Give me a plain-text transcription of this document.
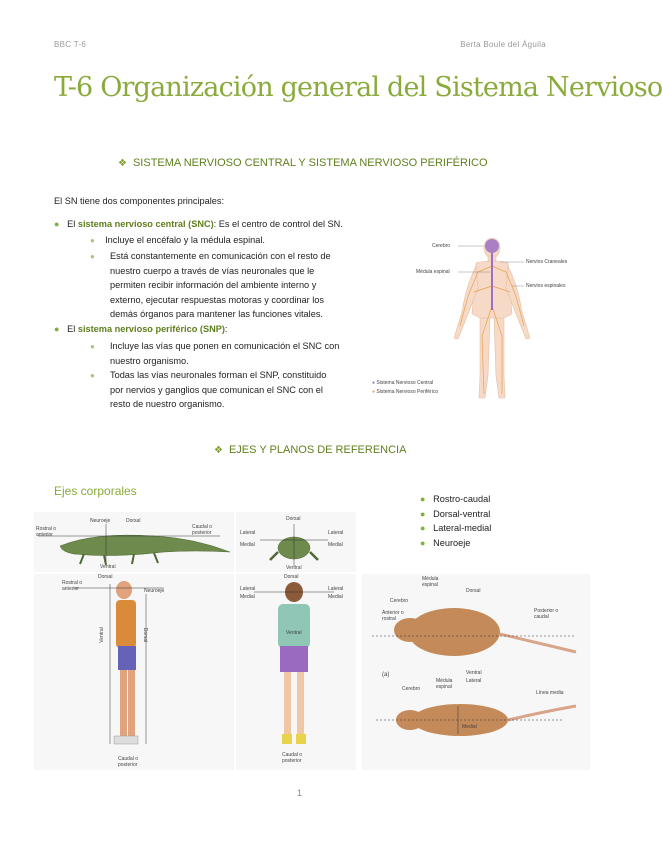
BBC T-6	Berta Boule del Águila
T-6 Organización general del Sistema Nervioso
❖ SISTEMA NERVIOSO CENTRAL Y SISTEMA NERVIOSO PERIFÉRICO
El SN tiene dos componentes principales:
● El sistema nervioso central (SNC): Es el centro de control del SN.
● Incluye el encéfalo y la médula espinal.
● Está constantemente en comunicación con el resto de
nuestro cuerpo a través de vías neuronales que le
permiten recibir información del ambiente interno y
externo, ejecutar respuestas motoras y coordinar los
demás órganos para mantener las funciones vitales.
● El sistema nervioso periférico (SNP):
● Incluye las vías que ponen en comunicación el SNC con
nuestro organismo.
● Todas las vías neuronales forman el SNP, constituido
por nervios y ganglios que comunican el SNC con el
resto de nuestro organismo.
Cerebro
Médula espinal
Nervios Craneales
Nervios espinales
● Sistema Nervioso Central
● Sistema Nervioso Periférico
❖ EJES Y PLANOS DE REFERENCIA
Ejes corporales
● Rostro-caudal
● Dorsal-ventral
● Lateral-medial
● Neuroeje
Rostral o anterior
Neuroeje	Dorsal
Caudal o posterior
Ventral
Dorsal
Lateral	Lateral
Medial	Medial
Ventral
Dorsal
Rostral o anterior	Neuroeje
Ventral	Dorsal
Caudal o posterior
Dorsal
Lateral
Medial
Lateral
Medial
Ventral
Caudal o posterior
Médula espinal
Dorsal
Cerebro
Anterior o rostral
Posterior o caudal
Ventral
(a)
Cerebro
Médula espinal
Lateral
Línea media
Medial
1
